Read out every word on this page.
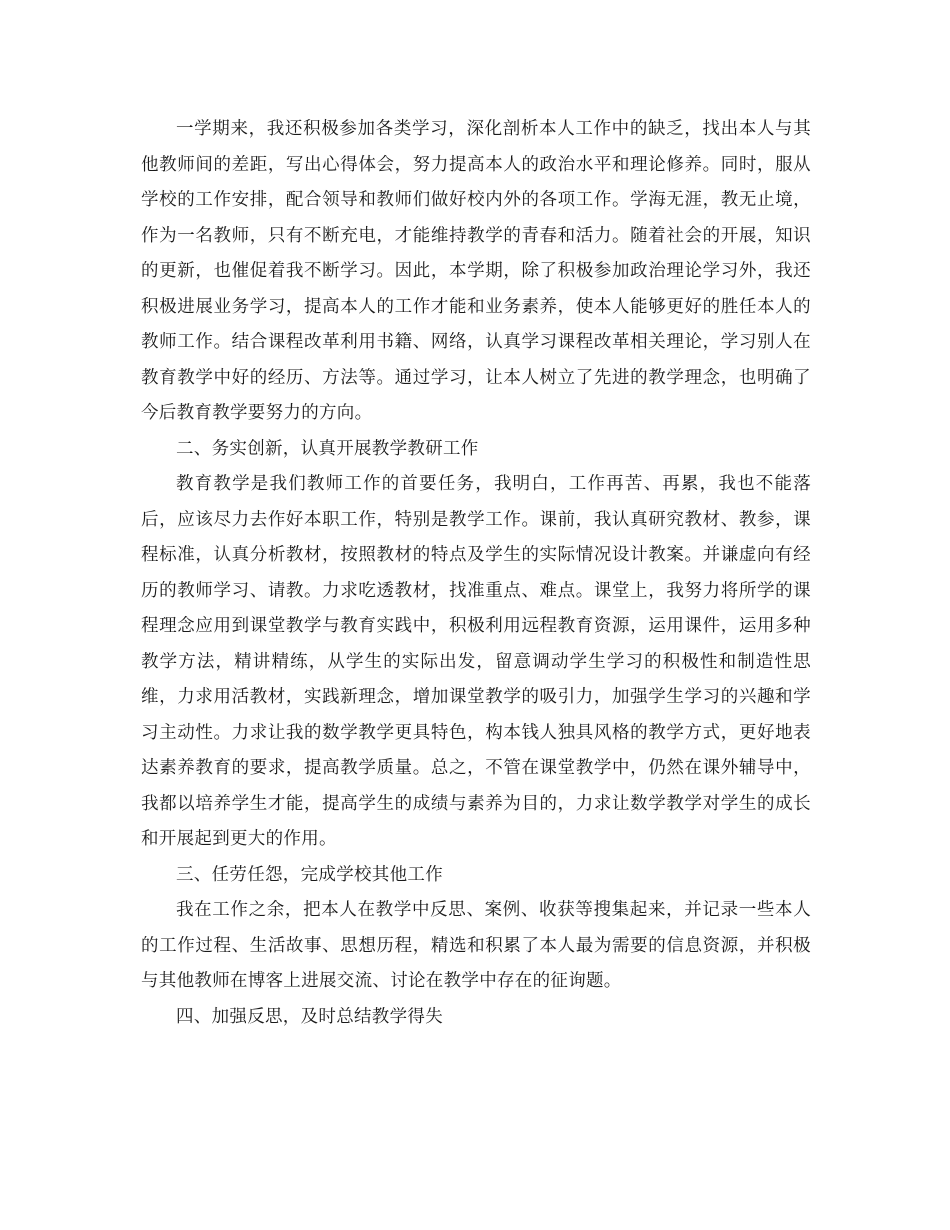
一学期来，我还积极参加各类学习，深化剖析本人工作中的缺乏，找出本人与其他教师间的差距，写出心得体会，努力提高本人的政治水平和理论修养。同时，服从学校的工作安排，配合领导和教师们做好校内外的各项工作。学海无涯，教无止境，作为一名教师，只有不断充电，才能维持教学的青春和活力。随着社会的开展，知识的更新，也催促着我不断学习。因此，本学期，除了积极参加政治理论学习外，我还积极进展业务学习，提高本人的工作才能和业务素养，使本人能够更好的胜任本人的教师工作。结合课程改革利用书籍、网络，认真学习课程改革相关理论，学习别人在教育教学中好的经历、方法等。通过学习，让本人树立了先进的教学理念，也明确了今后教育教学要努力的方向。

二、务实创新，认真开展教学教研工作

教育教学是我们教师工作的首要任务，我明白，工作再苦、再累，我也不能落后，应该尽力去作好本职工作，特别是教学工作。课前，我认真研究教材、教参，课程标准，认真分析教材，按照教材的特点及学生的实际情况设计教案。并谦虚向有经历的教师学习、请教。力求吃透教材，找准重点、难点。课堂上，我努力将所学的课程理念应用到课堂教学与教育实践中，积极利用远程教育资源，运用课件，运用多种教学方法，精讲精练，从学生的实际出发，留意调动学生学习的积极性和制造性思维，力求用活教材，实践新理念，增加课堂教学的吸引力，加强学生学习的兴趣和学习主动性。力求让我的数学教学更具特色，构本钱人独具风格的教学方式，更好地表达素养教育的要求，提高教学质量。总之，不管在课堂教学中，仍然在课外辅导中，我都以培养学生才能，提高学生的成绩与素养为目的，力求让数学教学对学生的成长和开展起到更大的作用。

三、任劳任怨，完成学校其他工作

我在工作之余，把本人在教学中反思、案例、收获等搜集起来，并记录一些本人的工作过程、生活故事、思想历程，精选和积累了本人最为需要的信息资源，并积极与其他教师在博客上进展交流、讨论在教学中存在的征询题。

四、加强反思，及时总结教学得失
